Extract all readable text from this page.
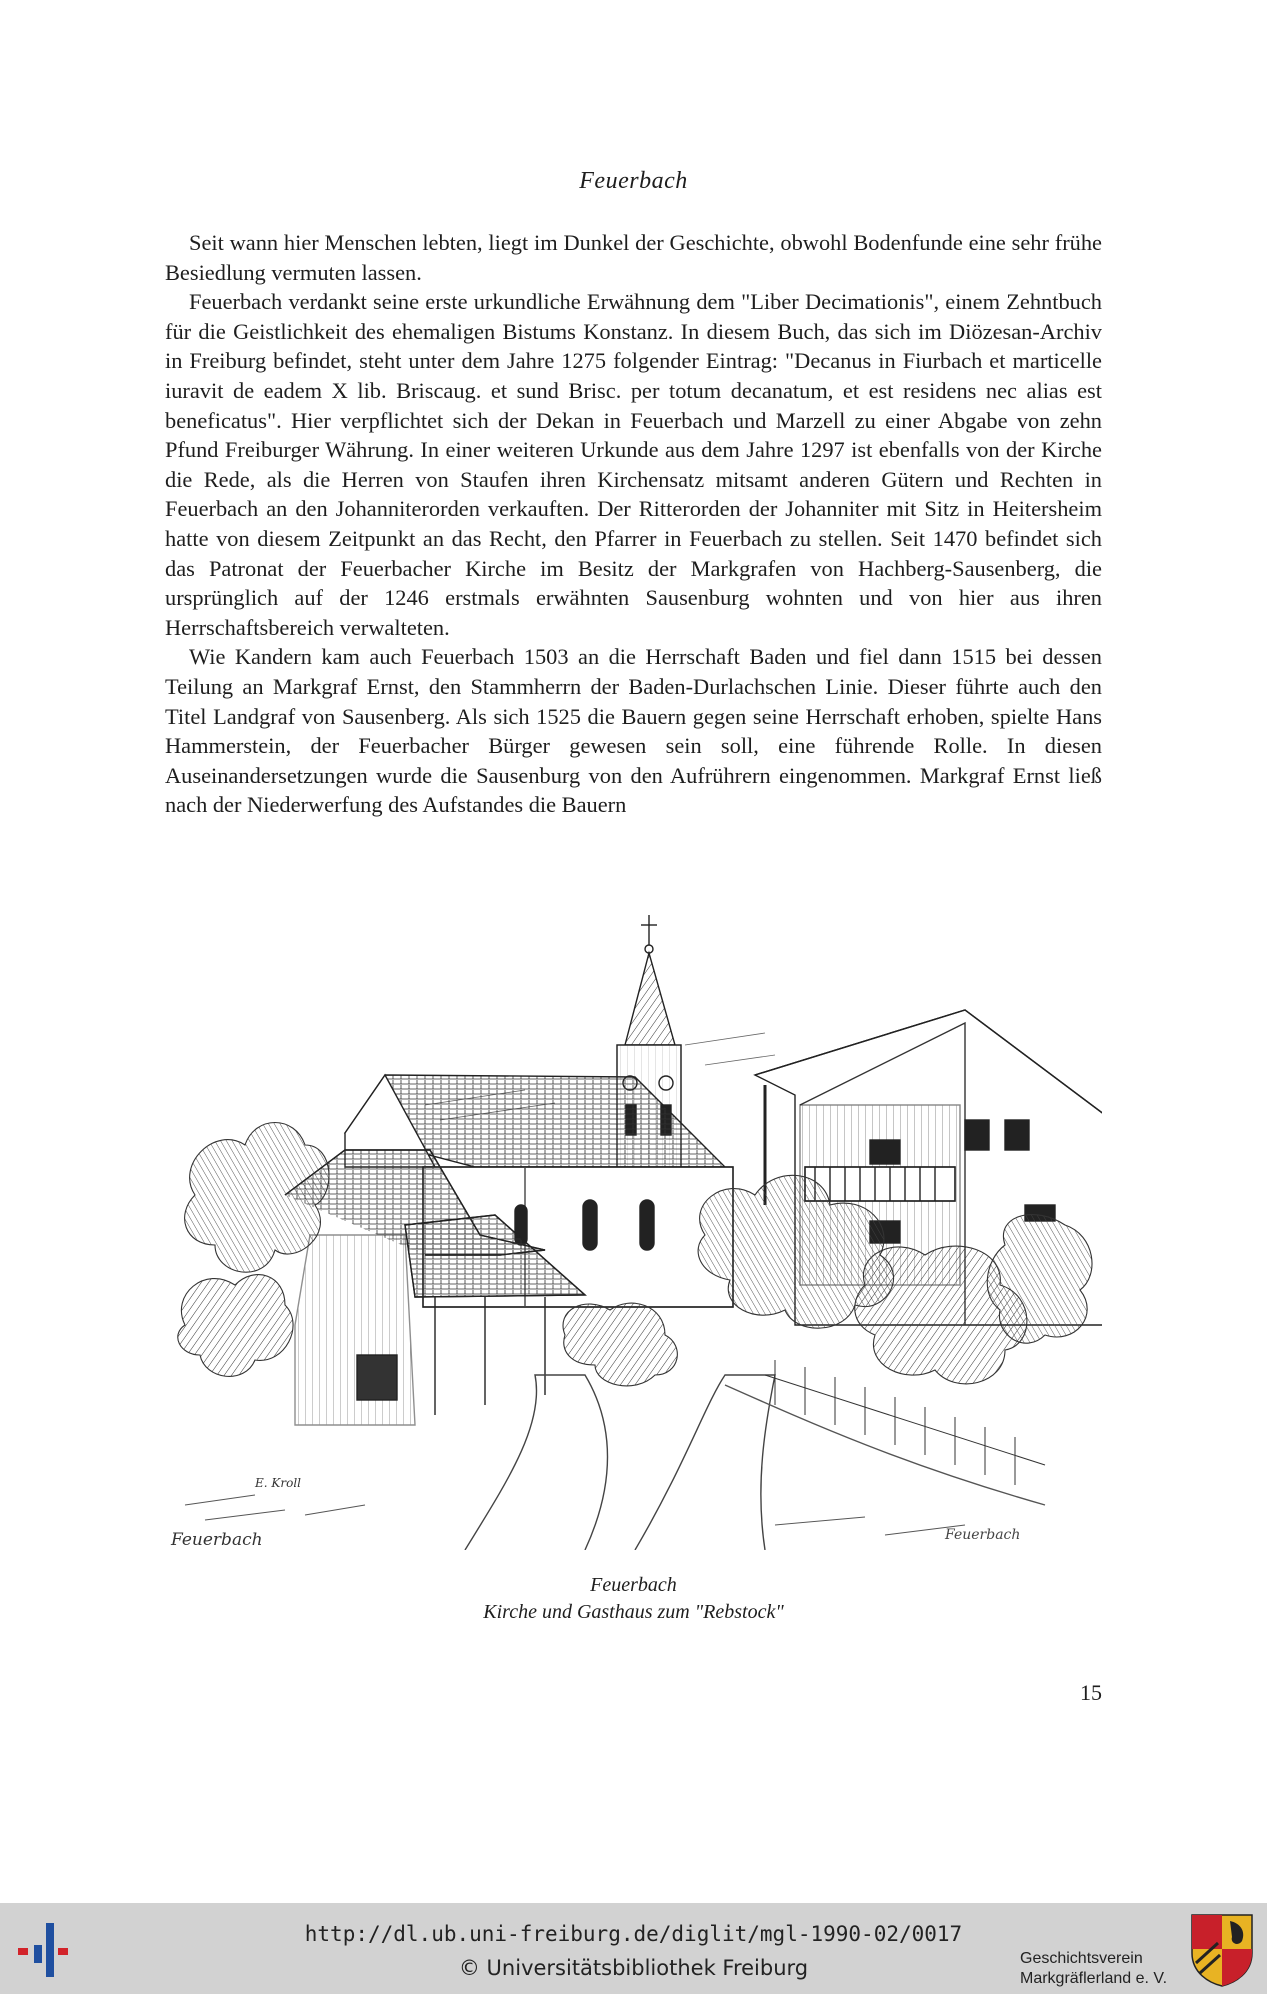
Feuerbach

Seit wann hier Menschen lebten, liegt im Dunkel der Geschichte, obwohl Bodenfunde eine sehr frühe Besiedlung vermuten lassen.

Feuerbach verdankt seine erste urkundliche Erwähnung dem "Liber Decimationis", einem Zehntbuch für die Geistlichkeit des ehemaligen Bistums Konstanz. In diesem Buch, das sich im Diözesan-Archiv in Freiburg befindet, steht unter dem Jahre 1275 folgender Eintrag: "Decanus in Fiurbach et marticelle iuravit de eadem X lib. Briscaug. et sund Brisc. per totum decanatum, et est residens nec alias est beneficatus". Hier verpflichtet sich der Dekan in Feuerbach und Marzell zu einer Abgabe von zehn Pfund Freiburger Währung. In einer weiteren Urkunde aus dem Jahre 1297 ist ebenfalls von der Kirche die Rede, als die Herren von Staufen ihren Kirchensatz mitsamt anderen Gütern und Rechten in Feuerbach an den Johanniterorden verkauften. Der Ritterorden der Johanniter mit Sitz in Heitersheim hatte von diesem Zeitpunkt an das Recht, den Pfarrer in Feuerbach zu stellen. Seit 1470 befindet sich das Patronat der Feuerbacher Kirche im Besitz der Markgrafen von Hachberg-Sausenberg, die ursprünglich auf der 1246 erstmals erwähnten Sausenburg wohnten und von hier aus ihren Herrschaftsbereich verwalteten.

Wie Kandern kam auch Feuerbach 1503 an die Herrschaft Baden und fiel dann 1515 bei dessen Teilung an Markgraf Ernst, den Stammherrn der Baden-Durlachschen Linie. Dieser führte auch den Titel Landgraf von Sausenberg. Als sich 1525 die Bauern gegen seine Herrschaft erhoben, spielte Hans Hammerstein, der Feuerbacher Bürger gewesen sein soll, eine führende Rolle. In diesen Auseinandersetzungen wurde die Sausenburg von den Aufrührern eingenommen. Markgraf Ernst ließ nach der Niederwerfung des Aufstandes die Bauern

Feuerbach
E. Kroll
Feuerbach
Feuerbach
Kirche und Gasthaus zum "Rebstock"
15
http://dl.ub.uni-freiburg.de/diglit/mgl-1990-02/0017
© Universitätsbibliothek Freiburg	Geschichtsverein
Markgräflerland e. V.
